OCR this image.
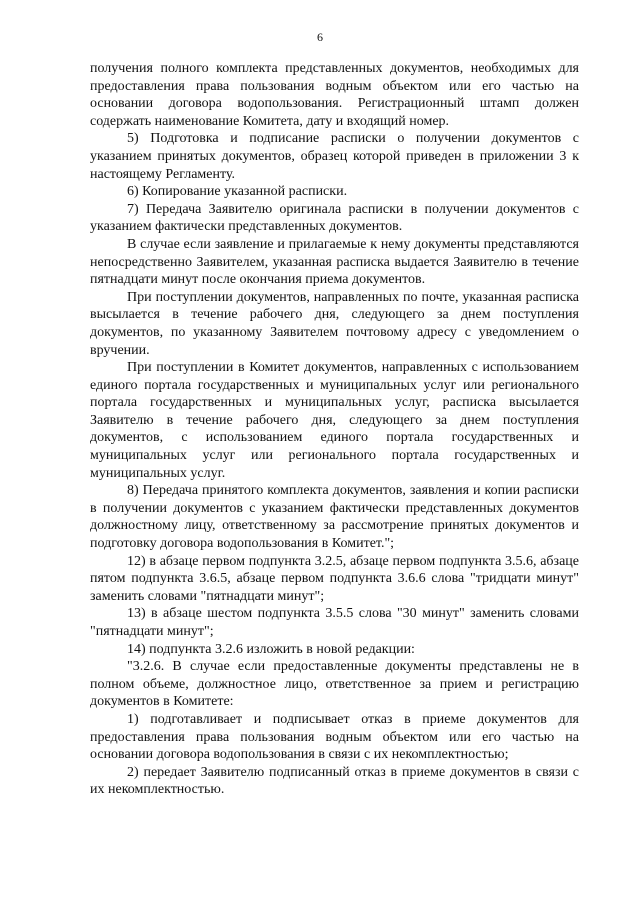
6

получения полного комплекта представленных документов, необходимых для предоставления права пользования водным объектом или его частью на основании договора водопользования. Регистрационный штамп должен содержать наименование Комитета, дату и входящий номер.

5) Подготовка и подписание расписки о получении документов с указанием принятых документов, образец которой приведен в приложении 3 к настоящему Регламенту.

6) Копирование указанной расписки.

7) Передача Заявителю оригинала расписки в получении документов с указанием фактически представленных документов.

В случае если заявление и прилагаемые к нему документы представляются непосредственно Заявителем, указанная расписка выдается Заявителю в течение пятнадцати минут после окончания приема документов.

При поступлении документов, направленных по почте, указанная расписка высылается в течение рабочего дня, следующего за днем поступления документов, по указанному Заявителем почтовому адресу с уведомлением о вручении.

При поступлении в Комитет документов, направленных с использованием единого портала государственных и муниципальных услуг или регионального портала государственных и муниципальных услуг, расписка высылается Заявителю в течение рабочего дня, следующего за днем поступления документов, с использованием единого портала государственных и муниципальных услуг или регионального портала государственных и муниципальных услуг.

8) Передача принятого комплекта документов, заявления и копии расписки в получении документов с указанием фактически представленных документов должностному лицу, ответственному за рассмотрение принятых документов и подготовку договора водопользования в Комитет.";

12) в абзаце первом подпункта 3.2.5, абзаце первом подпункта 3.5.6, абзаце пятом подпункта 3.6.5, абзаце первом подпункта 3.6.6 слова "тридцати минут" заменить словами "пятнадцати минут";

13) в абзаце шестом подпункта 3.5.5 слова "30 минут" заменить словами "пятнадцати минут";

14) подпункта 3.2.6 изложить в новой редакции:

"3.2.6. В случае если предоставленные документы представлены не в полном объеме, должностное лицо, ответственное за прием и регистрацию документов в Комитете:

1) подготавливает и подписывает отказ в приеме документов для предоставления права пользования водным объектом или его частью на основании договора водопользования в связи с их некомплектностью;

2) передает Заявителю подписанный отказ в приеме документов в связи с их некомплектностью.
